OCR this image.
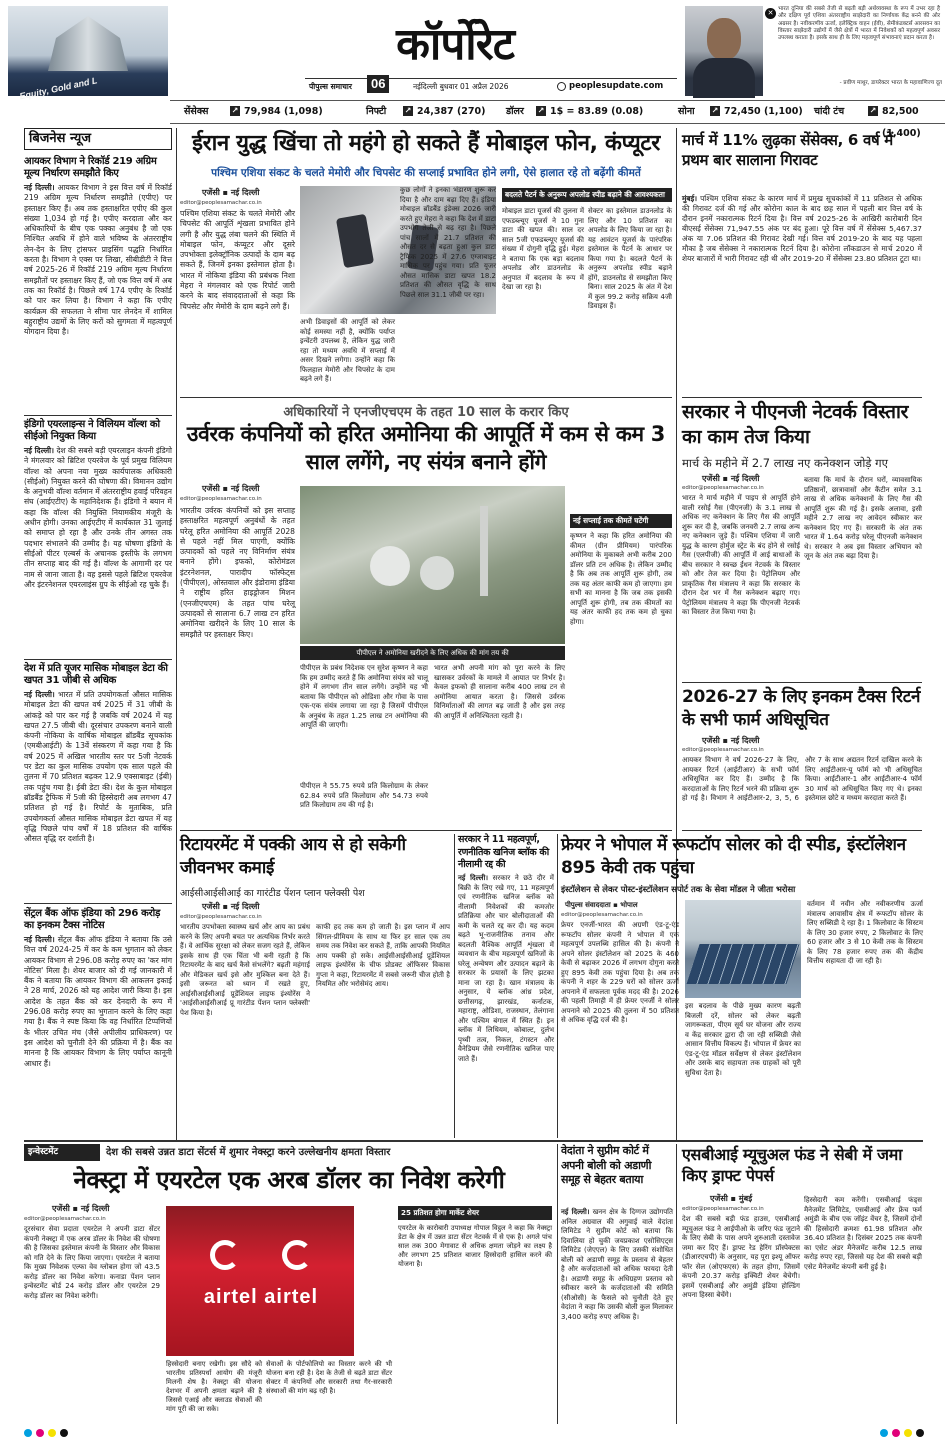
Equity, Gold and L
कॉर्पोरेट
पीपुल्स समाचार	06	नईदिल्ली बुधवार 01 अप्रैल 2026	peoplesupdate.com
✕ भारत दुनिया की सबसे तेजी से बढ़ती बड़ी अर्थव्यवस्था के रूप में उभर रहा है और दक्षिण पूर्व एशिया अंतरराष्ट्रीय साझेदारी का निर्णायक केंद्र बनने की ओर अग्रसर है। नवीकरणीय ऊर्जा, इलेक्ट्रिक वाहन (ईवी), सेमीकंडक्टर्स आरसवन का विस्तार साझेदारी उद्योगों में जैसे क्षेत्रों में भारत में निवेशकों को महत्वपूर्ण अवसर उपलब्ध कराता है। इसके साथ ही के लिए महत्वपूर्ण संभावनाएं प्रदान करता है।
- प्रवीण माथुर, डायरेक्टर भारत के महावाणिज्य दूत
सेंसेक्स	↗ 79,984 (1,098)	निफ्टी ↗ 24,387 (270) डॉलर ↗ 1$ = 83.89 (0.08)	सोना ↗ 72,450 (1,100) चांदी टंच	↗ 82,500 (1,400)
बिजनेस न्यूज
आयकर विभाग ने रिकॉर्ड 219 अग्रिम मूल्य निर्धारण समझौते किए
नई दिल्ली। आयकर विभाग ने इस वित्त वर्ष में रिकॉर्ड 219 अग्रिम मूल्य निर्धारण समझौते (एपीए) पर हस्ताक्षर किए हैं। अब तक हस्ताक्षरित एपीए की कुल संख्या 1,034 हो गई है। एपीए करदाता और कर अधिकारियों के बीच एक पक्का अनुबंध है जो एक निश्चित अवधि में होने वाले भविष्य के अंतरराष्ट्रीय लेन-देन के लिए ट्रांसफर प्राइसिंग पद्धति निर्धारित करता है। विभाग ने एक्स पर लिखा, सीबीडीटी ने वित्त वर्ष 2025-26 में रिकॉर्ड 219 अग्रिम मूल्य निर्धारण समझौतों पर हस्ताक्षर किए हैं, जो एक वित्त वर्ष में अब तक का रिकॉर्ड है। पिछले वर्ष 174 एपीए के रिकॉर्ड को पार कर लिया है। विभाग ने कहा कि एपीए कार्यक्रम की सफलता ने सीमा पार लेनदेन में शामिल बहुराष्ट्रीय उद्यमों के लिए करों को सुगमता में महत्वपूर्ण योगदान दिया है।
इंडिगो एयरलाइन्स ने विलियम वॉल्श को सीईओ नियुक्त किया
नई दिल्ली। देश की सबसे बड़ी एयरलाइन कंपनी इंडिगो ने मंगलवार को ब्रिटिश एयरवेज के पूर्व प्रमुख विलियम वॉल्श को अपना नया मुख्य कार्यपालक अधिकारी (सीईओ) नियुक्त करने की घोषणा की। विमानन उद्योग के अनुभवी वॉल्श वर्तमान में अंतरराष्ट्रीय हवाई परिवहन संघ (आईएटीए) के महानिदेशक हैं। इंडिगो ने बयान में कहा कि वॉल्श की नियुक्ति नियामकीय मंजूरी के अधीन होगी। उनका आईएटीए में कार्यकाल 31 जुलाई को समाप्त हो रहा है और उनके तीन अगस्त तक पदभार संभालने की उम्मीद है। यह घोषणा इंडिगो के सीईओ पीटर एल्बर्स के अचानक इस्तीफे के लगभग तीन सप्ताह बाद की गई है। वॉल्श के आगामी दर पर नाम से जाना जाता है। वह इससे पहले ब्रिटिश एयरवेज और इंटरनेशनल एयरलाइंस ग्रुप के सीईओ रह चुके हैं।
देश में प्रति यूजर मासिक मोबाइल डेटा की खपत 31 जीबी से अधिक
नई दिल्ली। भारत में प्रति उपयोगकर्ता औसत मासिक मोबाइल डेटा की खपत वर्ष 2025 में 31 जीबी के आंकड़े को पार कर गई है जबकि वर्ष 2024 में यह खपत 27.5 जीबी थी। दूरसंचार उपकरण बनाने वाली कंपनी नोकिया के वार्षिक मोबाइल ब्रॉडबैंड सूचकांक (एमबीआईटी) के 13वें संस्करण में कहा गया है कि वर्ष 2025 में अखिल भारतीय स्तर पर 5जी नेटवर्क पर डेटा का कुल मासिक उपयोग एक साल पहले की तुलना में 70 प्रतिशत बढ़कर 12.9 एक्साबाइट (ईबी) तक पहुंच गया है। ईबी डेटा की। देश के कुल मोबाइल ब्रॉडबैंड ट्रैफिक में 5जी की हिस्सेदारी अब लगभग 47 प्रतिशत हो गई है। रिपोर्ट के मुताबिक, प्रति उपयोगकर्ता औसत मासिक मोबाइल डेटा खपत में यह वृद्धि पिछले पांच वर्षों में 18 प्रतिशत की वार्षिक औसत वृद्धि दर दर्शाती है।
सेंट्रल बैंक ऑफ इंडिया को 296 करोड़ का इनकम टैक्स नोटिस
नई दिल्ली। सेंट्रल बैंक ऑफ इंडिया ने बताया कि उसे वित्त वर्ष 2024-25 में कर के कम भुगतान को लेकर आयकर विभाग से 296.08 करोड़ रुपए का 'कर मांग नोटिस' मिला है। शेयर बाजार को दी गई जानकारी में बैंक ने बताया कि आयकर विभाग की आकलन इकाई ने 28 मार्च, 2026 को यह आदेश जारी किया है। इस आदेश के तहत बैंक को कर देनदारी के रूप में 296.08 करोड़ रुपए का भुगतान करने के लिए कहा गया है। बैंक ने स्पष्ट किया कि वह निर्धारित टिप्पणियों के भीतर उचित मंच (जैसे अपीलीय प्राधिकरण) पर इस आदेश को चुनौती देने की प्रक्रिया में है। बैंक का मानना है कि आयकर विभाग के लिए पर्याप्त कानूनी आधार हैं।
ईरान युद्ध खिंचा तो महंगे हो सकते हैं मोबाइल फोन, कंप्यूटर
पश्चिम एशिया संकट के चलते मेमोरी और चिपसेट की सप्लाई प्रभावित होने लगी, ऐसे हालात रहे तो बढ़ेंगी कीमतें
एजेंसी ▪ नई दिल्ली
editor@peoplesamachar.co.in
पश्चिम एशिया संकट के चलते मेमोरी और चिपसेट की आपूर्ति शृंखला प्रभावित होने लगी है और युद्ध लंबा चलने की स्थिति में मोबाइल फोन, कंप्यूटर और दूसरे उपभोक्ता इलेक्ट्रॉनिक उत्पादों के दाम बढ़ सकते हैं, जिनमें इनका इस्तेमाल होता है। भारत में नोकिया इंडिया की प्रबंधक निशा मेहरा ने मंगलवार को एक रिपोर्ट जारी करने के बाद संवाददाताओं से कहा कि चिपसेट और मेमोरी के दाम बढ़ने लगे हैं।
अभी डिवाइसों की आपूर्ति को लेकर कोई समस्या नहीं है, क्योंकि पर्याप्त इन्वेंटरी उपलब्ध है, लेकिन युद्ध जारी रहा तो मध्यम अवधि में सप्लाई में असर दिखने लगेगा। उन्होंने कहा कि फिलहाल मेमोरी और चिपसेट के दाम बढ़ने लगे हैं।
कुछ लोगों ने इनका भंडारण शुरू कर दिया है और दाम बढ़ा दिए हैं। इंडिया मोबाइल ब्रॉडबैंड इंडेक्स 2026 जारी करते हुए मेहरा ने कहा कि देश में डाटा उपभोग तेजी से बढ़ रहा है। पिछले पांच सालों में 21.7 प्रतिशत की औसत दर से बढ़ता हुआ कुल डाटा ट्रैफिक 2025 में 27.6 एग्जाबाइट मासिक पर पहुंच गया। प्रति यूजर औसत मासिक डाटा खपत 18.2 प्रतिशत की औसत वृद्धि के साथ पिछले साल 31.1 जीबी पर रहा।
बदलते पैटर्न के अनुरूप अपलोड स्पीड बढ़ाने की आवश्यकता
मोबाइल डाटा यूजर्स की तुलना में एफडब्ल्यूए यूजर्स ने 10 गुना डाटा की खपत की। साल दर साल 5जी एफडब्ल्यूए यूजर्स की संख्या में दोगुनी वृद्धि हुई। मेहरा ने बताया कि एक बड़ा बदलाव अपलोड और डाउनलोड के अनुपात में बदलाव के रूप में देखा जा रहा है।
सेक्टर का इस्तेमाल डाउनलोड के लिए और 10 प्रतिशत का अपलोड के लिए किया जा रहा है। यह आवंटन यूजर्स के पारंपरिक इस्तेमाल के पैटर्न के आधार पर किया गया है। बदलते पैटर्न के अनुरूप अपलोड स्पीड बढ़ाने होंगे, डाउनलोड से समझौता किए बिना। साल 2025 के अंत में देश में कुल 99.2 करोड़ सक्रिय 4जी डिवाइस हैं।
अधिकारियों ने एनजीएचएम के तहत 10 साल के करार किए
उर्वरक कंपनियों को हरित अमोनिया की आपूर्ति में कम से कम 3 साल लगेंगे, नए संयंत्र बनाने होंगे
एजेंसी ▪ नई दिल्ली
editor@peoplesamachar.co.in
भारतीय उर्वरक कंपनियों को इस सप्ताह हस्ताक्षरित महत्वपूर्ण अनुबंधों के तहत घरेलू हरित अमोनिया की आपूर्ति 2028 से पहले नहीं मिल पाएगी, क्योंकि उत्पादकों को पहले नए विनिर्माण संयंत्र बनाने होंगे। इफको, कोरोमंडल इंटरनेशनल, पारादीप फॉस्फेट्स (पीपीएल), ओस्तवाल और इंडोरामा इंडिया ने राष्ट्रीय हरित हाइड्रोजन मिशन (एनजीएचएम) के तहत पांच घरेलू उत्पादकों से सालाना 6.7 लाख टन हरित अमोनिया खरीदने के लिए 10 साल के समझौते पर हस्ताक्षर किए।
पीपीएल ने अमोनिया खरीदने के लिए अधिक की मांग तय की
पीपीएल के प्रबंध निदेशक एन सुरेश कृष्णन ने कहा कि हम उम्मीद करते हैं कि अमोनिया संयंत्र को चालू होने में लगभग तीन साल लगेंगे। उन्होंने यह भी बताया कि पीपीएल को ओडिशा और गोवा के पास एक-एक संयंत्र लगाया जा रहा है जिसमें पीपीएल के अनुबंध के तहत 1.25 लाख टन अमोनिया की आपूर्ति की जाएगी।
भारत अभी अपनी मांग को पूरा करने के लिए खासकर उर्वरकों के मामले में आयात पर निर्भर है। केवल इफको ही सालाना करीब 400 लाख टन से अमोनिया आयात करता है। जिससे उर्वरक विनिर्माताओं की लागत बढ़ जाती है और इस तरह की आपूर्ति में अनिश्चितता रहती है।
नई सप्लाई तक कीमतें घटेंगी
कृष्णन ने कहा कि हरित अमोनिया की कीमत (ग्रीन प्रीमियम) पारंपरिक अमोनिया के मुकाबले अभी करीब 200 डॉलर प्रति टन अधिक है। लेकिन उम्मीद है कि अब तक आपूर्ति शुरू होगी, तब तक यह अंतर काफी कम हो जाएगा। हम सभी का मानना है कि जब तक इसकी आपूर्ति शुरू होगी, तब तक कीमतों का यह अंतर काफी हद तक कम हो चुका होगा।
पीपीएल ने 55.75 रुपये प्रति किलोग्राम के लेकर 62.84 रुपये प्रति किलोग्राम और 54.73 रुपये प्रति किलोग्राम तय की गई है।
मार्च में 11% लुढ़का सेंसेक्स, 6 वर्ष में प्रथम बार सालाना गिरावट
मुंबई। पश्चिम एशिया संकट के कारण मार्च में प्रमुख सूचकांकों में 11 प्रतिशत से अधिक की गिरावट दर्ज की गई और कोरोना काल के बाद छह साल में पहली बार वित्त वर्ष के दौरान इनमें नकारात्मक रिटर्न दिया है। वित्त वर्ष 2025-26 के आखिरी कारोबारी दिन बीएसई सेंसेक्स 71,947.55 अंक पर बंद हुआ। पूरे वित्त वर्ष में सेंसेक्स 5,467.37 अंक या 7.06 प्रतिशत की गिरावट देखी गई। वित्त वर्ष 2019-20 के बाद यह पहला मौका है जब सेंसेक्स ने नकारात्मक रिटर्न दिया है। कोरोना लॉकडाउन से मार्च 2020 में शेयर बाजारों में भारी गिरावट रही थी और 2019-20 में सेंसेक्स 23.80 प्रतिशत टूटा था।
सरकार ने पीएनजी नेटवर्क विस्तार का काम तेज किया
मार्च के महीने में 2.7 लाख नए कनेक्शन जोड़े गए
एजेंसी ▪ नई दिल्ली
editor@peoplesamachar.co.in
भारत ने मार्च महीने में पाइप से आपूर्ति होने वाली रसोई गैस (पीएनजी) के 3.1 लाख से अधिक नए कनेक्शन के लिए गैस की आपूर्ति शुरू कर दी है, जबकि जनवरी 2.7 लाख अन्य नए कनेक्शन जुड़े हैं। पश्चिम एशिया में जारी युद्ध के कारण होर्मुज स्ट्रेट के बंद होने से रसोई गैस (एलपीजी) की आपूर्ति में आई बाधाओं के बीच सरकार ने स्वच्छ ईंधन नेटवर्क के विस्तार को और तेज कर दिया है। पेट्रोलियम और प्राकृतिक गैस मंत्रालय ने कहा कि सरकार के दौरान देश भर में गैस कनेक्शन बढ़ाए गए। पेट्रोलियम मंत्रालय ने कहा कि पीएनजी नेटवर्क का विस्तार तेज किया गया है।
बताया कि मार्च के दौरान घरों, व्यावसायिक प्रतिष्ठानों, छात्रावासों और कैंटीन समेत 3.1 लाख से अधिक कनेक्शनों के लिए गैस की आपूर्ति शुरू की गई है। इसके अलावा, इसी महीने 2.7 लाख नए आवेदन स्वीकार कर कनेक्शन दिए गए हैं। सरकारी के अंत तक भारत में 1.64 करोड़ घरेलू पीएनजी कनेक्शन थे। सरकार ने अब इस विस्तार अभियान को जून के अंत तक बढ़ा दिया है।
2026-27 के लिए इनकम टैक्स रिटर्न के सभी फार्म अधिसूचित
एजेंसी ▪ नई दिल्ली
editor@peoplesamachar.co.in
आयकर विभाग ने वर्ष 2026-27 के लिए, आयकर रिटर्न (आईटीआर) के सभी फॉर्म अधिसूचित कर दिए हैं। उम्मीद है कि करदाताओं के लिए रिटर्न भरने की प्रक्रिया शुरू हो गई है। विभाग ने आईटीआर-2, 3, 5, 6 और 7 के साथ अद्यतन रिटर्न दाखिल करने के लिए आईटीआर-यू फॉर्म को भी अधिसूचित किया। आईटीआर-1 और आईटीआर-4 फॉर्म 30 मार्च को अधिसूचित किए गए थे। इनका इस्तेमाल छोटे व मध्यम करदाता करते हैं।
रिटायरमेंट में पक्की आय से हो सकेगी जीवनभर कमाई
आईसीआईसीआई का गारंटीड पेंशन प्लान फ्लेक्सी पेश
एजेंसी ▪ नई दिल्ली
editor@peoplesamachar.co.in
भारतीय उपभोक्ता स्वास्थ्य खर्च और आय का प्रबंध करने के लिए अपनी बचत पर अत्यधिक निर्भर करते हैं। वे आर्थिक सुरक्षा को लेकर सजग रहते हैं, लेकिन इसके साथ ही एक चिंता भी बनी रहती है कि रिटायरमेंट के बाद खर्च कैसे संभलेंगे? बढ़ती महंगाई और मेडिकल खर्च इसे और मुश्किल बना देते हैं। इसी जरूरत को ध्यान में रखते हुए, आईसीआईसीआई प्रूडेंशियल लाइफ इंश्योरेंस ने 'आईसीआईसीआई प्रू गारंटीड पेंशन प्लान फ्लेक्सी' पेश किया है।
काफी हद तक कम हो जाती है। इस प्लान में आप सिंगल-प्रीमियम के साथ या फिर हर साल एक तय समय तक निवेश कर सकते हैं, ताकि आपकी नियमित आय पक्की हो सके। आईसीआईसीआई प्रूडेंशियल लाइफ इंश्योरेंस के चीफ प्रोडक्ट ऑफिसर विकास गुप्ता ने कहा, रिटायरमेंट में सबसे जरूरी चीज होती है नियमित और भरोसेमंद आय।
सरकार ने 11 महत्वपूर्ण, रणनीतिक खनिज ब्लॉक की नीलामी रद्द की
नई दिल्ली। सरकार ने छठे दौर में बिक्री के लिए रखे गए, 11 महत्वपूर्ण एवं रणनीतिक खनिज ब्लॉक को नीलामी निवेशकों की कमजोर प्रतिक्रिया और चार बोलीदाताओं की कमी के चलते रद्द कर दी। यह कदम बढ़ते भू-राजनीतिक तनाव और बदलती वैश्विक आपूर्ति शृंखला में व्यवधान के बीच महत्वपूर्ण खनिजों के घरेलू अन्वेषण और उत्पादन बढ़ाने के सरकार के प्रयासों के लिए झटका माना जा रहा है। खान मंत्रालय के अनुसार, ये ब्लॉक आंध्र प्रदेश, छत्तीसगढ़, झारखंड, कर्नाटक, महाराष्ट्र, ओडिशा, राजस्थान, तेलंगाना और पश्चिम बंगाल में स्थित हैं। इन ब्लॉक में लिथियम, कोबाल्ट, दुर्लभ पृथ्वी तत्व, निकल, टंगस्टन और वैनेडियम जैसे रणनीतिक खनिज पाए जाते हैं।
फ्रेयर ने भोपाल में रूफटॉप सोलर को दी स्पीड, इंस्टॉलेशन 895 केवी तक पहुंचा
इंस्टॉलेशन से लेकर पोस्ट-इंस्टॉलेशन सपोर्ट तक के सेवा मॉडल ने जीता भरोसा
पीपुल्स संवाददाता ▪ भोपाल
editor@peoplesamachar.co.in
फ्रेयर एनर्जी-भारत की अग्रणी एंड-टू-एंड रूफटॉप सोलर कंपनी ने भोपाल में एक महत्वपूर्ण उपलब्धि हासिल की है। कंपनी ने अपने सोलर इंस्टॉलेशन को 2025 के 460 केवी से बढ़ाकर 2026 में लगभग दोगुना करते हुए 895 केवी तक पहुंचा दिया है। अब तक कंपनी ने शहर के 229 घरों को सोलर ऊर्जा अपनाने में सफलता पूर्वक मदद की है। 2026 की पहली तिमाही में ही फ्रेयर एनर्जी ने सोलर अपनाने को 2025 की तुलना में 50 प्रतिशत से अधिक वृद्धि दर्ज की है।
इस बदलाव के पीछे मुख्य कारण बढ़ती बिजली दरें, सोलर को लेकर बढ़ती जागरूकता, पीएम सूर्य घर योजना और राज्य व केंद्र सरकार द्वारा दी जा रही सब्सिडी जैसे आसान वित्तीय विकल्प हैं। भोपाल में फ्रेयर का एंड-टू-एंड मॉडल सर्वेक्षण से लेकर इंस्टॉलेशन और उसके बाद सहायता तक ग्राहकों को पूरी सुविधा देता है।
वर्तमान में नवीन और नवीकरणीय ऊर्जा मंत्रालय आवासीय क्षेत्र में रूफटॉप सोलर के लिए सब्सिडी दे रहा है। 1 किलोवाट के सिस्टम के लिए 30 हजार रुपए, 2 किलोवाट के लिए 60 हजार और 3 से 10 केवी तक के सिस्टम के लिए 78 हजार रुपए तक की केंद्रीय वित्तीय सहायता दी जा रही है।
इन्वेस्टमेंट	देश की सबसे उन्नत डाटा सेंटर्स में शुमार नेक्स्ट्रा करने उल्लेखनीय क्षमता विस्तार
नेक्स्ट्रा में एयरटेल एक अरब डॉलर का निवेश करेगी
एजेंसी ▪ नई दिल्ली
editor@peoplesamachar.co.in
दूरसंचार सेवा प्रदाता एयरटेल ने अपनी डाटा सेंटर कंपनी नेक्स्ट्रा में एक अरब डॉलर के निवेश की घोषणा की है जिसका इस्तेमाल कंपनी के विस्तार और विकास को गति देने के लिए किया जाएगा। एयरटेल ने बताया कि मुख्य निवेशक एल्फा वेव ग्लोबल होगा जो 43.5 करोड़ डॉलर का निवेश करेगा। कनाडा पेंशन प्लान इन्वेस्टमेंट बोर्ड 24 करोड़ डॉलर और एयरटेल 29 करोड़ डॉलर का निवेश करेगी।	airtel airtel
हिस्सेदारी बनाए रखेगी। इस सौदे को भारतीय प्रतिस्पर्धा आयोग की मंजूरी मिलनी शेष है। नेक्स्ट्रा की योजना देशभर में अपनी क्षमता बढ़ाने की है जिससे एआई और क्लाउड सेवाओं की मांग पूरी की जा सके।
सेवाओं के पोर्टफोलियो का विस्तार करने की भी योजना बना रही है। देश के तेजी से बढ़ते डाटा सेंटर सेक्टर में कंपनियों और सरकारी तथा गैर-सरकारी संस्थाओं की मांग बढ़ रही है।
25 प्रतिशत होगा मार्केट शेयर
एयरटेल के कारोबारी उपाध्यक्ष गोपाल विट्ठल ने कहा कि नेक्स्ट्रा डेटा के क्षेत्र में उन्नत डाटा सेंटर नेटवर्क में से एक है। अगले पांच साल तक 300 मेगावाट से अधिक क्षमता जोड़ने का लक्ष्य है और लगभग 25 प्रतिशत बाजार हिस्सेदारी हासिल करने की योजना है।
वेदांता ने सुप्रीम कोर्ट में अपनी बोली को अडाणी समूह से बेहतर बताया
नई दिल्ली। खनन क्षेत्र के दिग्गज उद्योगपति अनिल अग्रवाल की अगुवाई वाले वेदांता लिमिटेड ने सुप्रीम कोर्ट को बताया कि दिवालिया हो चुकी जयप्रकाश एसोसिएट्स लिमिटेड (जेएएल) के लिए उसकी संशोधित बोली को अडाणी समूह के प्रस्ताव से बेहतर है और कर्जदाताओं को अधिक फायदा देती है। अडाणी समूह के अधिग्रहण प्रस्ताव को स्वीकार करने के कर्जदाताओं की समिति (सीओसी) के फैसले को चुनौती देते हुए वेदांता ने कहा कि उसकी बोली कुल मिलाकर 3,400 करोड़ रुपए अधिक है।
एसबीआई म्यूचुअल फंड ने सेबी में जमा किए ड्राफ्ट पेपर्स
एजेंसी ▪ मुंबई
editor@peoplesamachar.co.in
देश की सबसे बड़ी फंड हाउस, एसबीआई म्यूचुअल फंड ने आईपीओ के जरिए फंड जुटाने के लिए सेबी के पास अपने शुरुआती दस्तावेज जमा कर दिए हैं। ड्राफ्ट रेड हेरिंग प्रॉस्पेक्टस (डीआरएचपी) के अनुसार, यह पूरा इश्यू ऑफर फॉर सेल (ओएफएस) के तहत होगा, जिसमें कंपनी 20.37 करोड़ इक्विटी शेयर बेचेगी। इसमें एसबीआई और अमुंडी इंडिया होल्डिंग अपना हिस्सा बेचेंगे।
हिस्सेदारी कम करेंगी। एसबीआई फंड्स मैनेजमेंट लिमिटेड, एसबीआई और फ्रेंच फर्म अमुंडी के बीच एक जॉइंट वेंचर है, जिसमें दोनों की हिस्सेदारी क्रमशः 61.98 प्रतिशत और 36.40 प्रतिशत है। दिसंबर 2025 तक कंपनी का एसेट अंडर मैनेजमेंट करीब 12.5 लाख करोड़ रुपए रहा, जिससे यह देश की सबसे बड़ी एसेट मैनेजमेंट कंपनी बनी हुई है।
